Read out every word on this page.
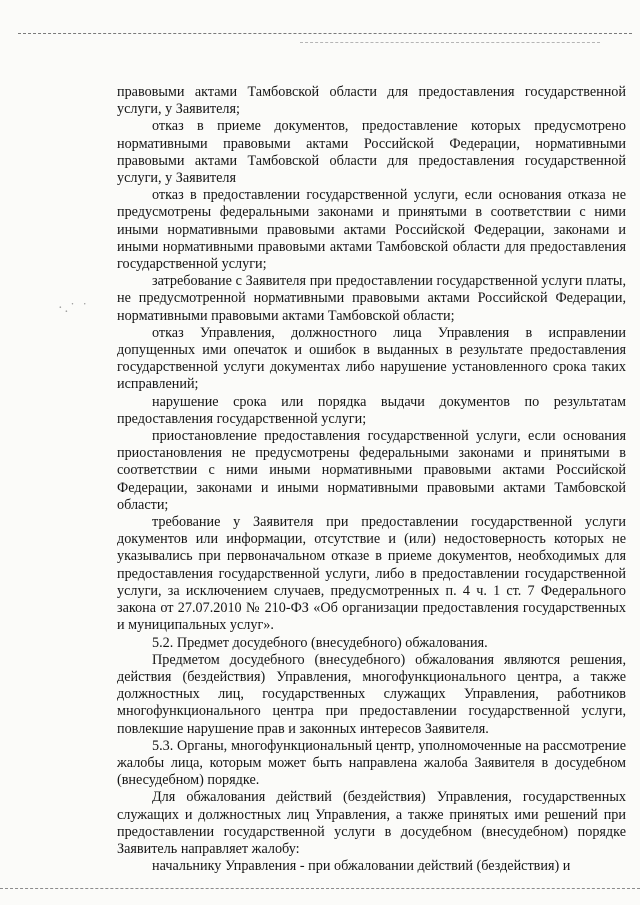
·.˙ ˙

правовыми актами Тамбовской области для предоставления государственной услуги, у Заявителя;

отказ в приеме документов, предоставление которых предусмотрено нормативными правовыми актами Российской Федерации, нормативными правовыми актами Тамбовской области для предоставления государственной услуги, у Заявителя

отказ в предоставлении государственной услуги, если основания отказа не предусмотрены федеральными законами и принятыми в соответствии с ними иными нормативными правовыми актами Российской Федерации, законами и иными нормативными правовыми актами Тамбовской области для предоставления государственной услуги;

затребование с Заявителя при предоставлении государственной услуги платы, не предусмотренной нормативными правовыми актами Российской Федерации, нормативными правовыми актами Тамбовской области;

отказ Управления, должностного лица Управления в исправлении допущенных ими опечаток и ошибок в выданных в результате предоставления государственной услуги документах либо нарушение установленного срока таких исправлений;

нарушение срока или порядка выдачи документов по результатам предоставления государственной услуги;

приостановление предоставления государственной услуги, если основания приостановления не предусмотрены федеральными законами и принятыми в соответствии с ними иными нормативными правовыми актами Российской Федерации, законами и иными нормативными правовыми актами Тамбовской области;

требование у Заявителя при предоставлении государственной услуги документов или информации, отсутствие и (или) недостоверность которых не указывались при первоначальном отказе в приеме документов, необходимых для предоставления государственной услуги, либо в предоставлении государственной услуги, за исключением случаев, предусмотренных п. 4 ч. 1 ст. 7 Федерального закона от 27.07.2010 № 210-ФЗ «Об организации предоставления государственных и муниципальных услуг».

5.2. Предмет досудебного (внесудебного) обжалования.

Предметом досудебного (внесудебного) обжалования являются решения, действия (бездействия) Управления, многофункционального центра, а также должностных лиц, государственных служащих Управления, работников многофункционального центра при предоставлении государственной услуги, повлекшие нарушение прав и законных интересов Заявителя.

5.3. Органы, многофункциональный центр, уполномоченные на рассмотрение жалобы лица, которым может быть направлена жалоба Заявителя в досудебном (внесудебном) порядке.

Для обжалования действий (бездействия) Управления, государственных служащих и должностных лиц Управления, а также принятых ими решений при предоставлении государственной услуги в досудебном (внесудебном) порядке Заявитель направляет жалобу:

начальнику Управления - при обжаловании действий (бездействия) и
